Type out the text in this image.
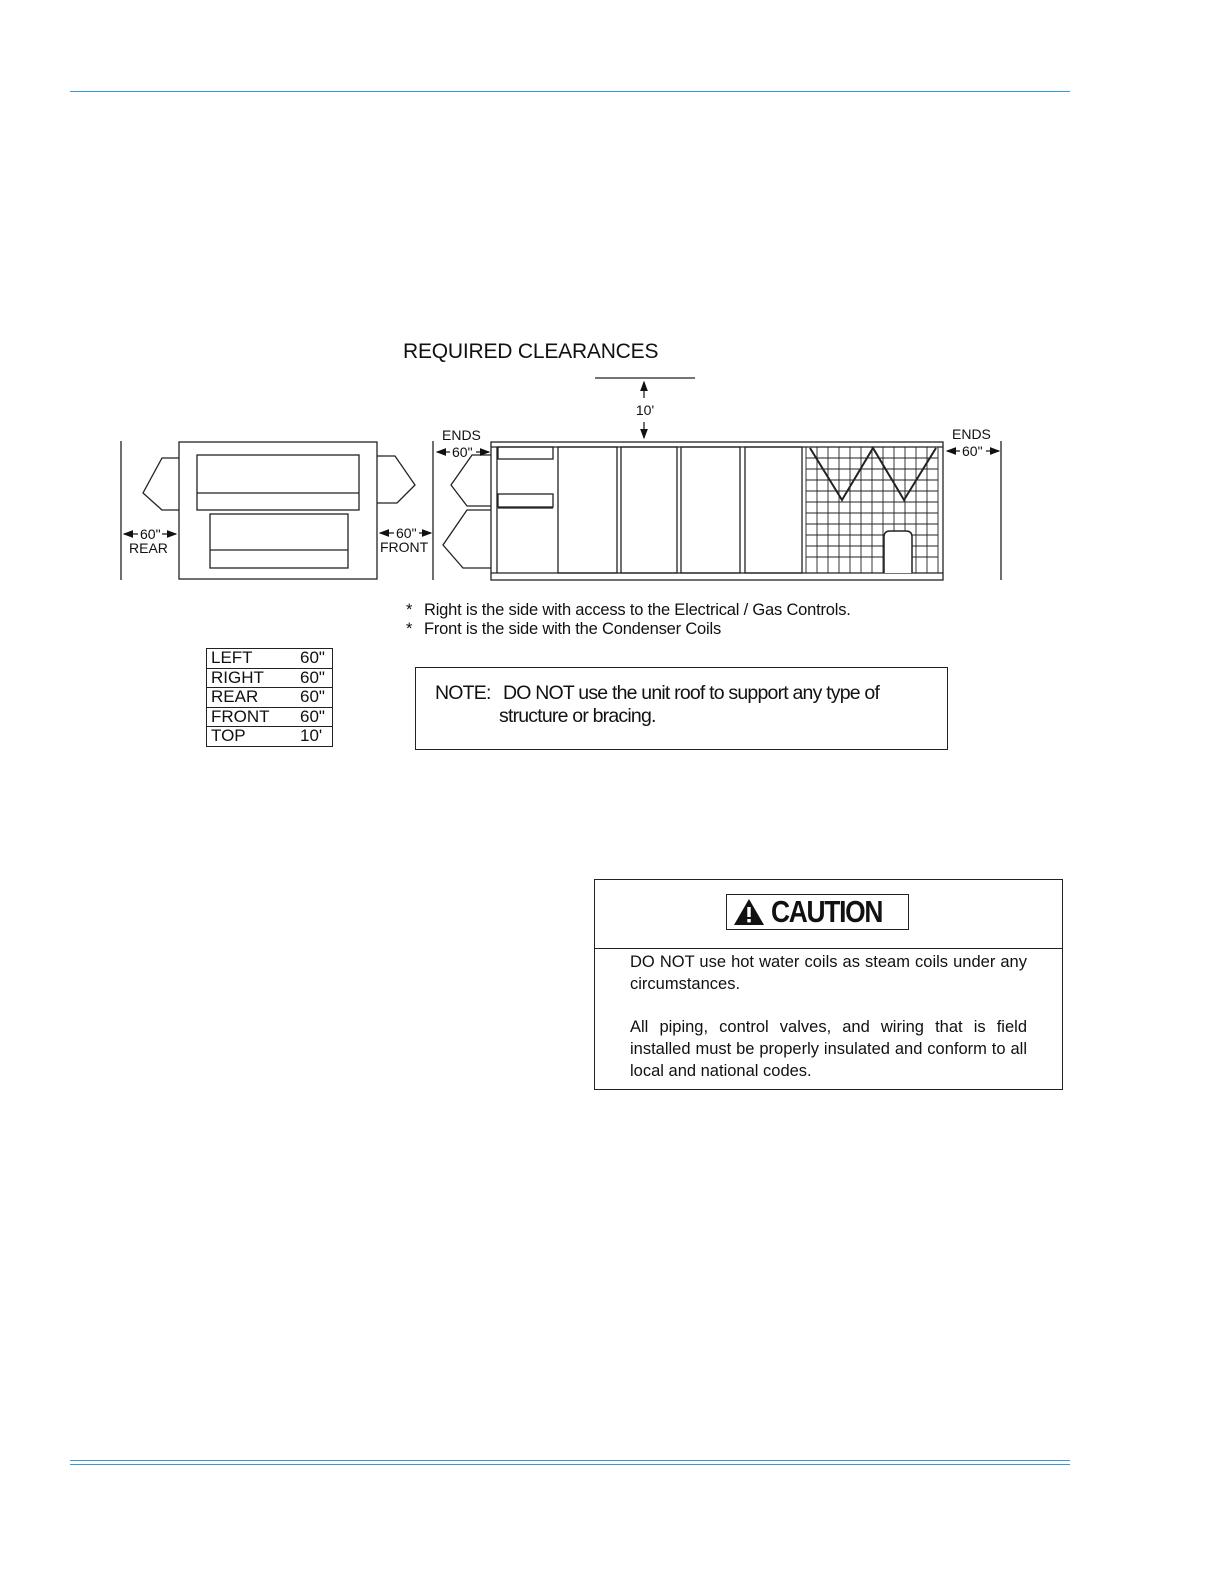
REQUIRED CLEARANCES
10'
ENDS
60"
ENDS
60"
60"
REAR
60"
FRONT
* Right is the side with access to the Electrical / Gas Controls.
* Front is the side with the Condenser Coils
LEFT	60"
RIGHT	60"
REAR	60"
FRONT	60"
TOP	10'
NOTE: DO NOT use the unit roof to support any type of
structure or bracing.
CAUTION
DO NOT use hot water coils as steam coils under any circumstances.
All piping, control valves, and wiring that is field installed must be properly insulated and conform to all local and national codes.
